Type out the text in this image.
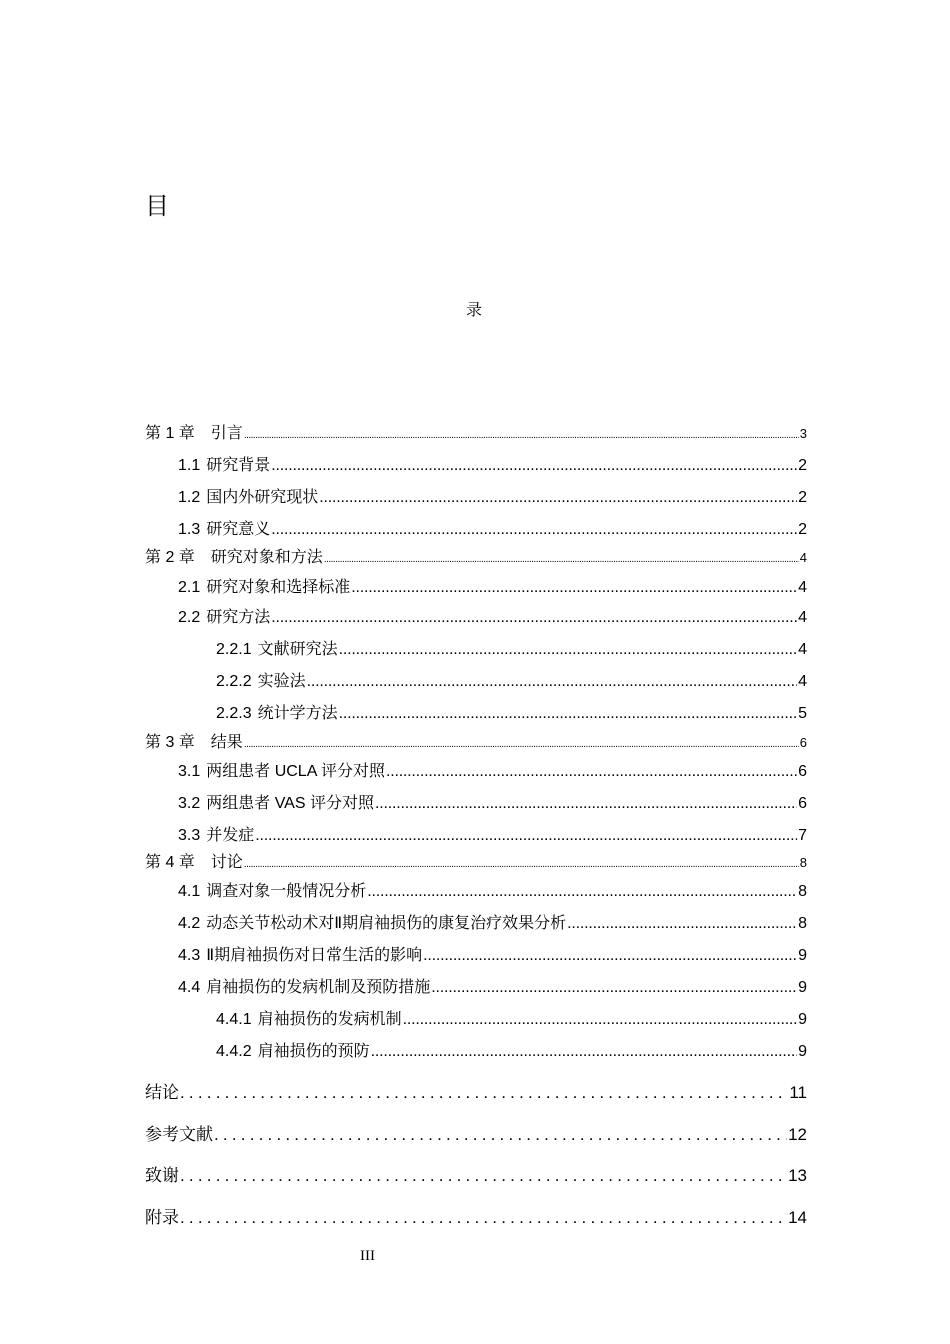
目
录
第 1 章 引言 .....	3
1.1 研究背景 .....	2
1.2 国内外研究现状 .....	2
1.3 研究意义 .....	2
第 2 章 研究对象和方法 .....	4
2.1 研究对象和选择标准 .....	4
2.2 研究方法 .....	4
2.2.1 文献研究法 .....	4
2.2.2 实验法 .....	4
2.2.3 统计学方法 .....	5
第 3 章 结果 .....	6
3.1 两组患者 UCLA 评分对照 .....	6
3.2 两组患者 VAS 评分对照 .....	6
3.3 并发症 .....	7
第 4 章 讨论 .....	8
4.1 调查对象一般情况分析 .....	8
4.2 动态关节松动术对Ⅱ期肩袖损伤的康复治疗效果分析 .....	8
4.3 Ⅱ期肩袖损伤对日常生活的影响 .....	9
4.4 肩袖损伤的发病机制及预防措施 .....	9
4.4.1 肩袖损伤的发病机制 .....	9
4.4.2 肩袖损伤的预防 .....	9
结论 .....	11
参考文献 .....	12
致谢 .....	13
附录 .....	14
III
